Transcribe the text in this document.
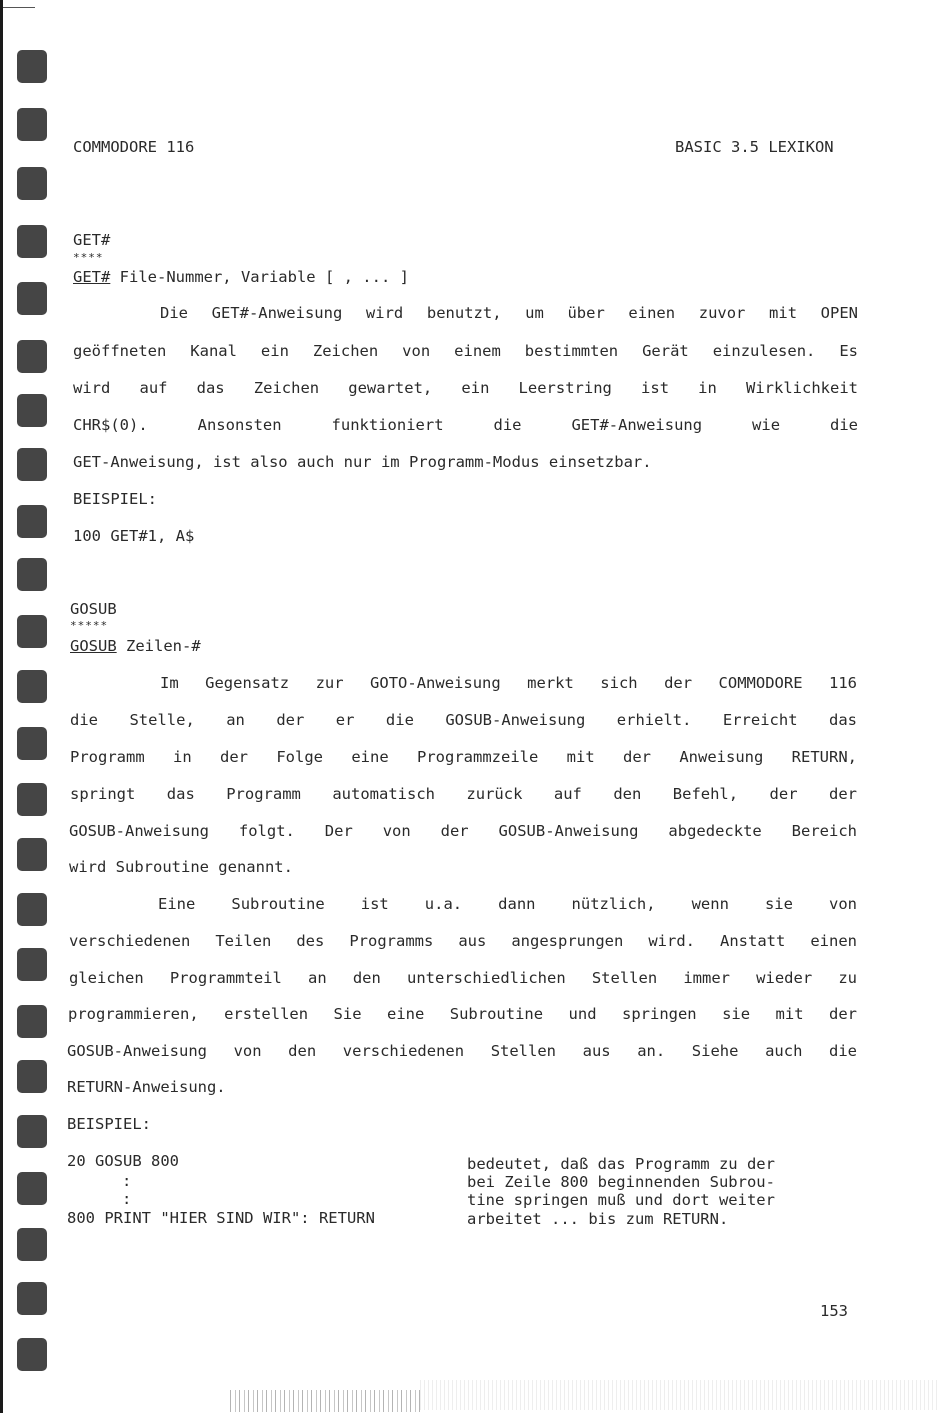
COMMODORE 116	BASIC 3.5 LEXIKON
GET#
****
GET# File-Nummer, Variable [ , ... ]
Die GET#-Anweisung wird benutzt, um über einen zuvor mit OPEN
geöffneten Kanal ein Zeichen von einem bestimmten Gerät einzulesen. Es
wird auf das Zeichen gewartet, ein Leerstring ist in Wirklichkeit
CHR$(0). Ansonsten funktioniert die GET#-Anweisung wie die
GET-Anweisung, ist also auch nur im Programm-Modus einsetzbar.
BEISPIEL:
100 GET#1, A$
GOSUB
*****
GOSUB Zeilen-#
Im Gegensatz zur GOTO-Anweisung merkt sich der COMMODORE 116
die Stelle, an der er die GOSUB-Anweisung erhielt. Erreicht das
Programm in der Folge eine Programmzeile mit der Anweisung RETURN,
springt das Programm automatisch zurück auf den Befehl, der der
GOSUB-Anweisung folgt. Der von der GOSUB-Anweisung abgedeckte Bereich
wird Subroutine genannt.
Eine Subroutine ist u.a. dann nützlich, wenn sie von
verschiedenen Teilen des Programms aus angesprungen wird. Anstatt einen
gleichen Programmteil an den unterschiedlichen Stellen immer wieder zu
programmieren, erstellen Sie eine Subroutine und springen sie mit der
GOSUB-Anweisung von den verschiedenen Stellen aus an. Siehe auch die
RETURN-Anweisung.
BEISPIEL:
20 GOSUB 800
:
:
800 PRINT "HIER SIND WIR": RETURN
bedeutet, daß das Programm zu der
bei Zeile 800 beginnenden Subrou-
tine springen muß und dort weiter
arbeitet ... bis zum RETURN.
153
